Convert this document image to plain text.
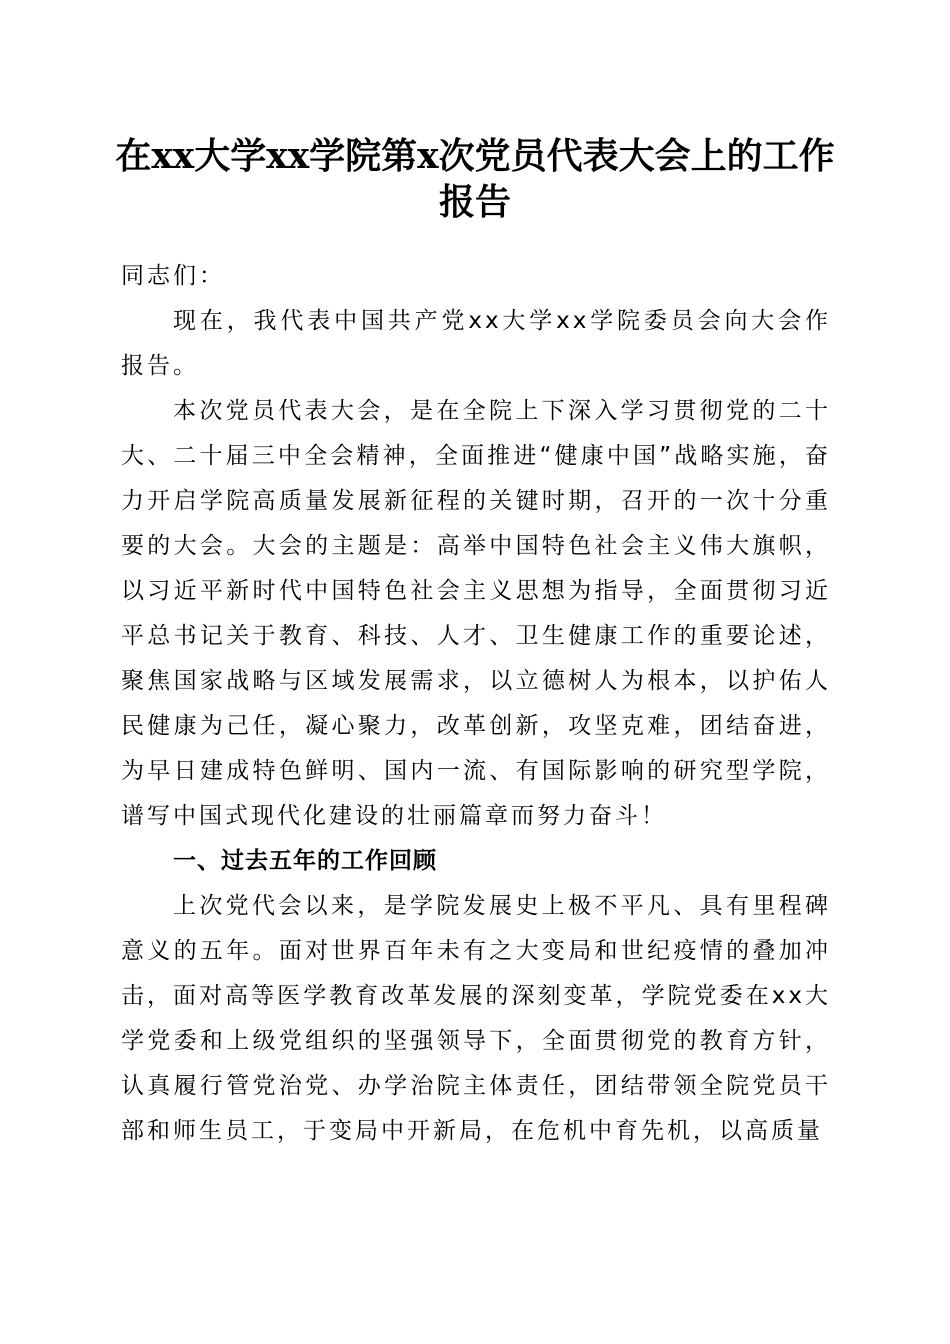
在xx大学xx学院第x次党员代表大会上的工作报告

同志们：

现在，我代表中国共产党xx大学xx学院委员会向大会作报告。

本次党员代表大会，是在全院上下深入学习贯彻党的二十大、二十届三中全会精神，全面推进“健康中国”战略实施，奋力开启学院高质量发展新征程的关键时期，召开的一次十分重要的大会。大会的主题是：高举中国特色社会主义伟大旗帜，以习近平新时代中国特色社会主义思想为指导，全面贯彻习近平总书记关于教育、科技、人才、卫生健康工作的重要论述，聚焦国家战略与区域发展需求，以立德树人为根本，以护佑人民健康为己任，凝心聚力，改革创新，攻坚克难，团结奋进，为早日建成特色鲜明、国内一流、有国际影响的研究型学院，谱写中国式现代化建设的壮丽篇章而努力奋斗！

一、过去五年的工作回顾

上次党代会以来，是学院发展史上极不平凡、具有里程碑意义的五年。面对世界百年未有之大变局和世纪疫情的叠加冲击，面对高等医学教育改革发展的深刻变革，学院党委在xx大学党委和上级党组织的坚强领导下，全面贯彻党的教育方针，认真履行管党治党、办学治院主体责任，团结带领全院党员干部和师生员工，于变局中开新局，在危机中育先机，以高质量
